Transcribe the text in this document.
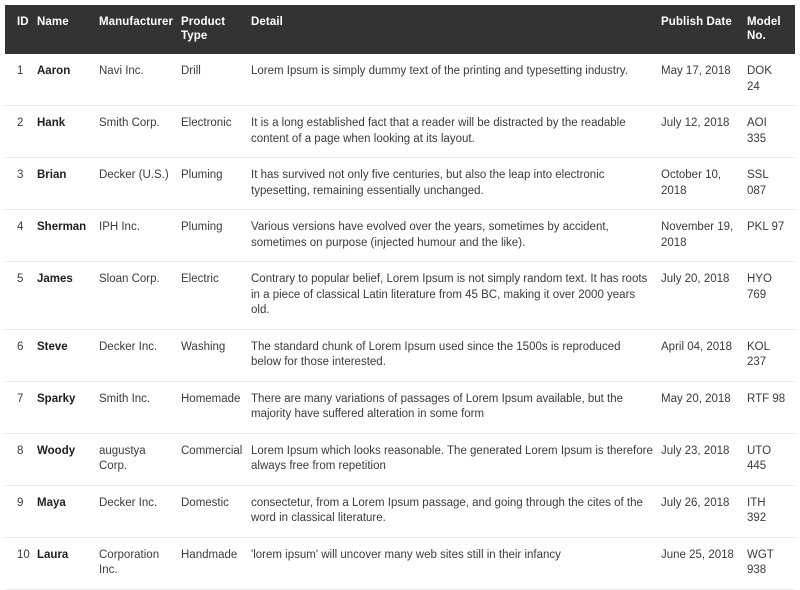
ID	Name	Manufacturer	Product Type	Detail	Publish Date	Model No.
1	Aaron	Navi Inc.	Drill	Lorem Ipsum is simply dummy text of the printing and typesetting industry.	May 17, 2018	DOK 24
2	Hank	Smith Corp.	Electronic	It is a long established fact that a reader will be distracted by the readable content of a page when looking at its layout.	July 12, 2018	AOI 335
3	Brian	Decker (U.S.)	Pluming	It has survived not only five centuries, but also the leap into electronic typesetting, remaining essentially unchanged.	October 10, 2018	SSL 087
4	Sherman	IPH Inc.	Pluming	Various versions have evolved over the years, sometimes by accident, sometimes on purpose (injected humour and the like).	November 19, 2018	PKL 97
5	James	Sloan Corp.	Electric	Contrary to popular belief, Lorem Ipsum is not simply random text. It has roots in a piece of classical Latin literature from 45 BC, making it over 2000 years old.	July 20, 2018	HYO 769
6	Steve	Decker Inc.	Washing	The standard chunk of Lorem Ipsum used since the 1500s is reproduced below for those interested.	April 04, 2018	KOL 237
7	Sparky	Smith Inc.	Homemade	There are many variations of passages of Lorem Ipsum available, but the majority have suffered alteration in some form	May 20, 2018	RTF 98
8	Woody	augustya Corp.	Commercial	Lorem Ipsum which looks reasonable. The generated Lorem Ipsum is therefore always free from repetition	July 23, 2018	UTO 445
9	Maya	Decker Inc.	Domestic	consectetur, from a Lorem Ipsum passage, and going through the cites of the word in classical literature.	July 26, 2018	ITH 392
10	Laura	Corporation Inc.	Handmade	'lorem ipsum' will uncover many web sites still in their infancy	June 25, 2018	WGT 938
